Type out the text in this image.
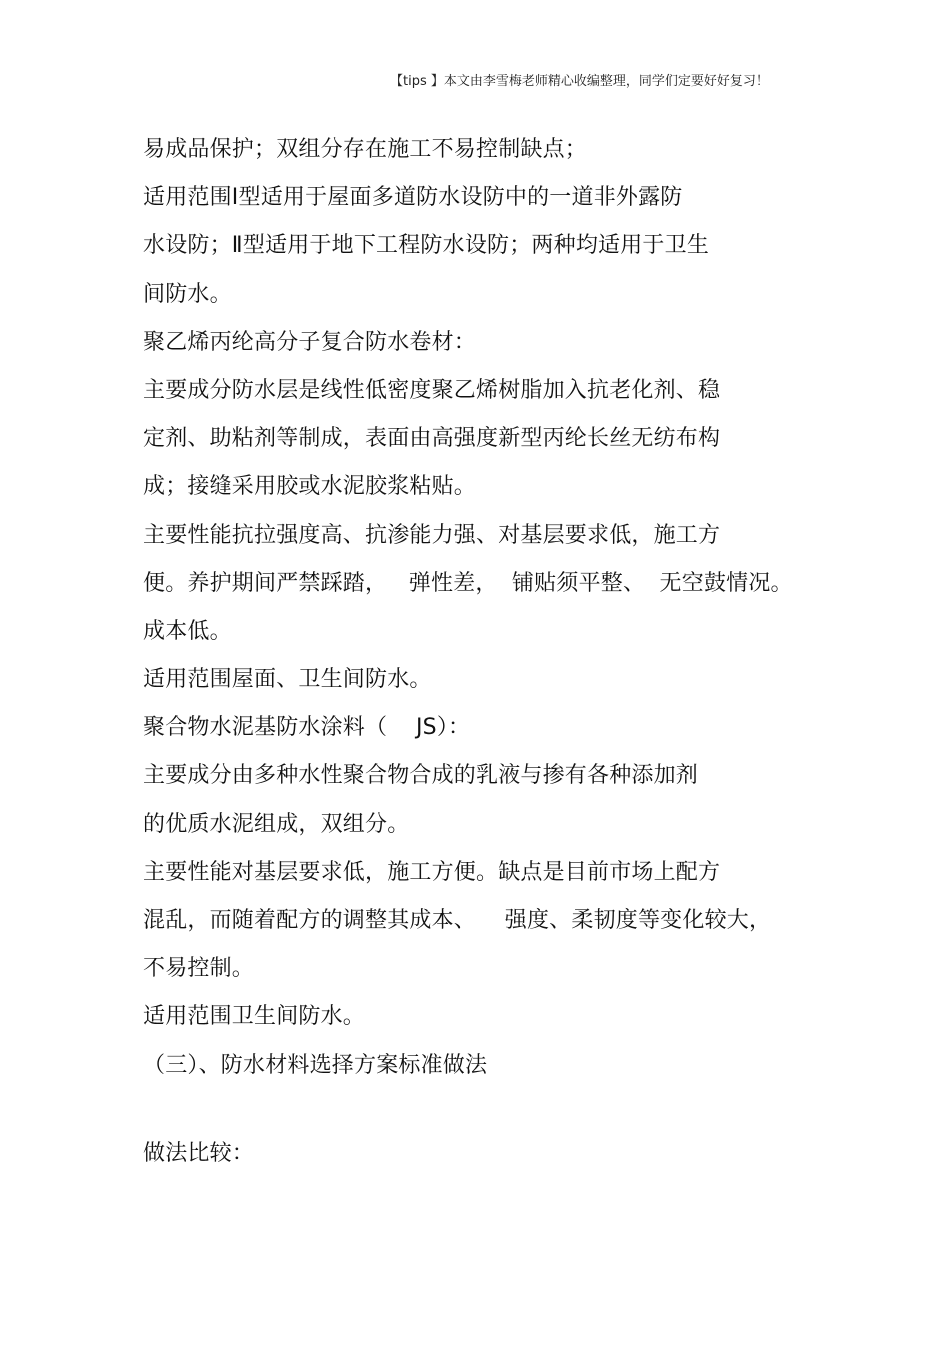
【tips 】本文由李雪梅老师精心收编整理，同学们定要好好复习！
易成品保护；双组分存在施工不易控制缺点；
适用范围Ⅰ型适用于屋面多道防水设防中的一道非外露防
水设防；Ⅱ型适用于地下工程防水设防；两种均适用于卫生
间防水。
聚乙烯丙纶高分子复合防水卷材：
主要成分防水层是线性低密度聚乙烯树脂加入抗老化剂、稳
定剂、助粘剂等制成，表面由高强度新型丙纶长丝无纺布构
成；接缝采用胶或水泥胶浆粘贴。
主要性能抗拉强度高、抗渗能力强、对基层要求低，施工方
便。养护期间严禁踩踏，   弹性差，  铺贴须平整、  无空鼓情况。
成本低。
适用范围屋面、卫生间防水。
聚合物水泥基防水涂料（    JS）：
主要成分由多种水性聚合物合成的乳液与掺有各种添加剂
的优质水泥组成，双组分。
主要性能对基层要求低，施工方便。缺点是目前市场上配方
混乱，而随着配方的调整其成本、    强度、柔韧度等变化较大，
不易控制。
适用范围卫生间防水。
（三）、防水材料选择方案标准做法
做法比较：
